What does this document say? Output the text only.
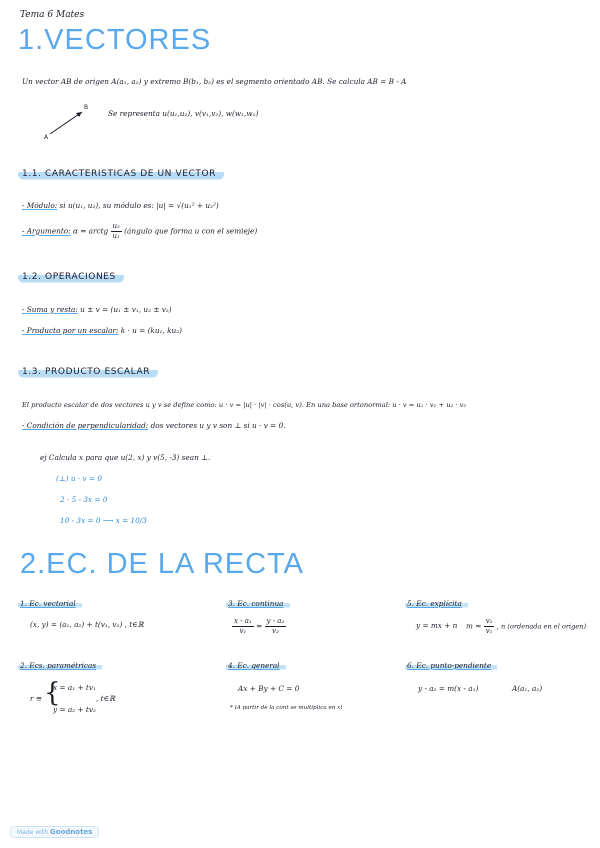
Tema 6 Mates
1.VECTORES
Un vector AB de origen A(a₁, a₂) y extremo B(b₁, b₂) es el segmento orientado AB. Se calcula AB = B - A
B
A
Se representa u(u₁,u₂), v(v₁,v₂), w(w₁,w₂)
1.1. CARACTERISTICAS DE UN VECTOR
- Módulo: si u(u₁, u₂), su módulo es: |u| = √(u₁² + u₂²)
- Argumento: α = arctg $\frac{\text{u₂}}{\text{u₁}}$ (ángulo que forma u con el semieje)
1.2. OPERACIONES
- Suma y resta: u ± v = (u₁ ± v₁, u₂ ± v₂)
- Producto por un escalar: k · u = (ku₁, ku₂)
1.3. PRODUCTO ESCALAR
El producto escalar de dos vectores u y v se define como: u · v = |u| · |v| · cos(u, v). En una base ortonormal: u · v = u₁ · v₁ + u₂ · v₂
- Condición de perpendicularidad: dos vectores u y v son ⊥ si u · v = 0.
ej Calcula x para que u(2, x) y v(5, -3) sean ⊥.
(⊥) u · v = 0
2 · 5 - 3x = 0
10 - 3x = 0 ⟶ x = 10/3
2.EC. DE LA RECTA
1. Ec. vectorial
(x, y) = (a₁, a₂) + t(v₁, v₂) , t∈ℝ
2. Ecs. paramétricas
r ≡ {
x = a₁ + tv₁
y = a₂ + tv₂
, t∈ℝ
3. Ec. continua
$\frac{\text{x - a₁}}{\text{v₁}} = \frac{\text{y - a₂}}{\text{v₂}}$
4. Ec. general
Ax + By + C = 0
* (A partir de la cont se multiplica en x)
5. Ec. explícita
y = mx + n $m = \frac{\text{v₂}}{\text{v₁}}$ , n (ordenada en el origen)
6. Ec. punto-pendiente
y - a₂ = m(x - a₁)	A(a₁, a₂)
Made with Goodnotes
